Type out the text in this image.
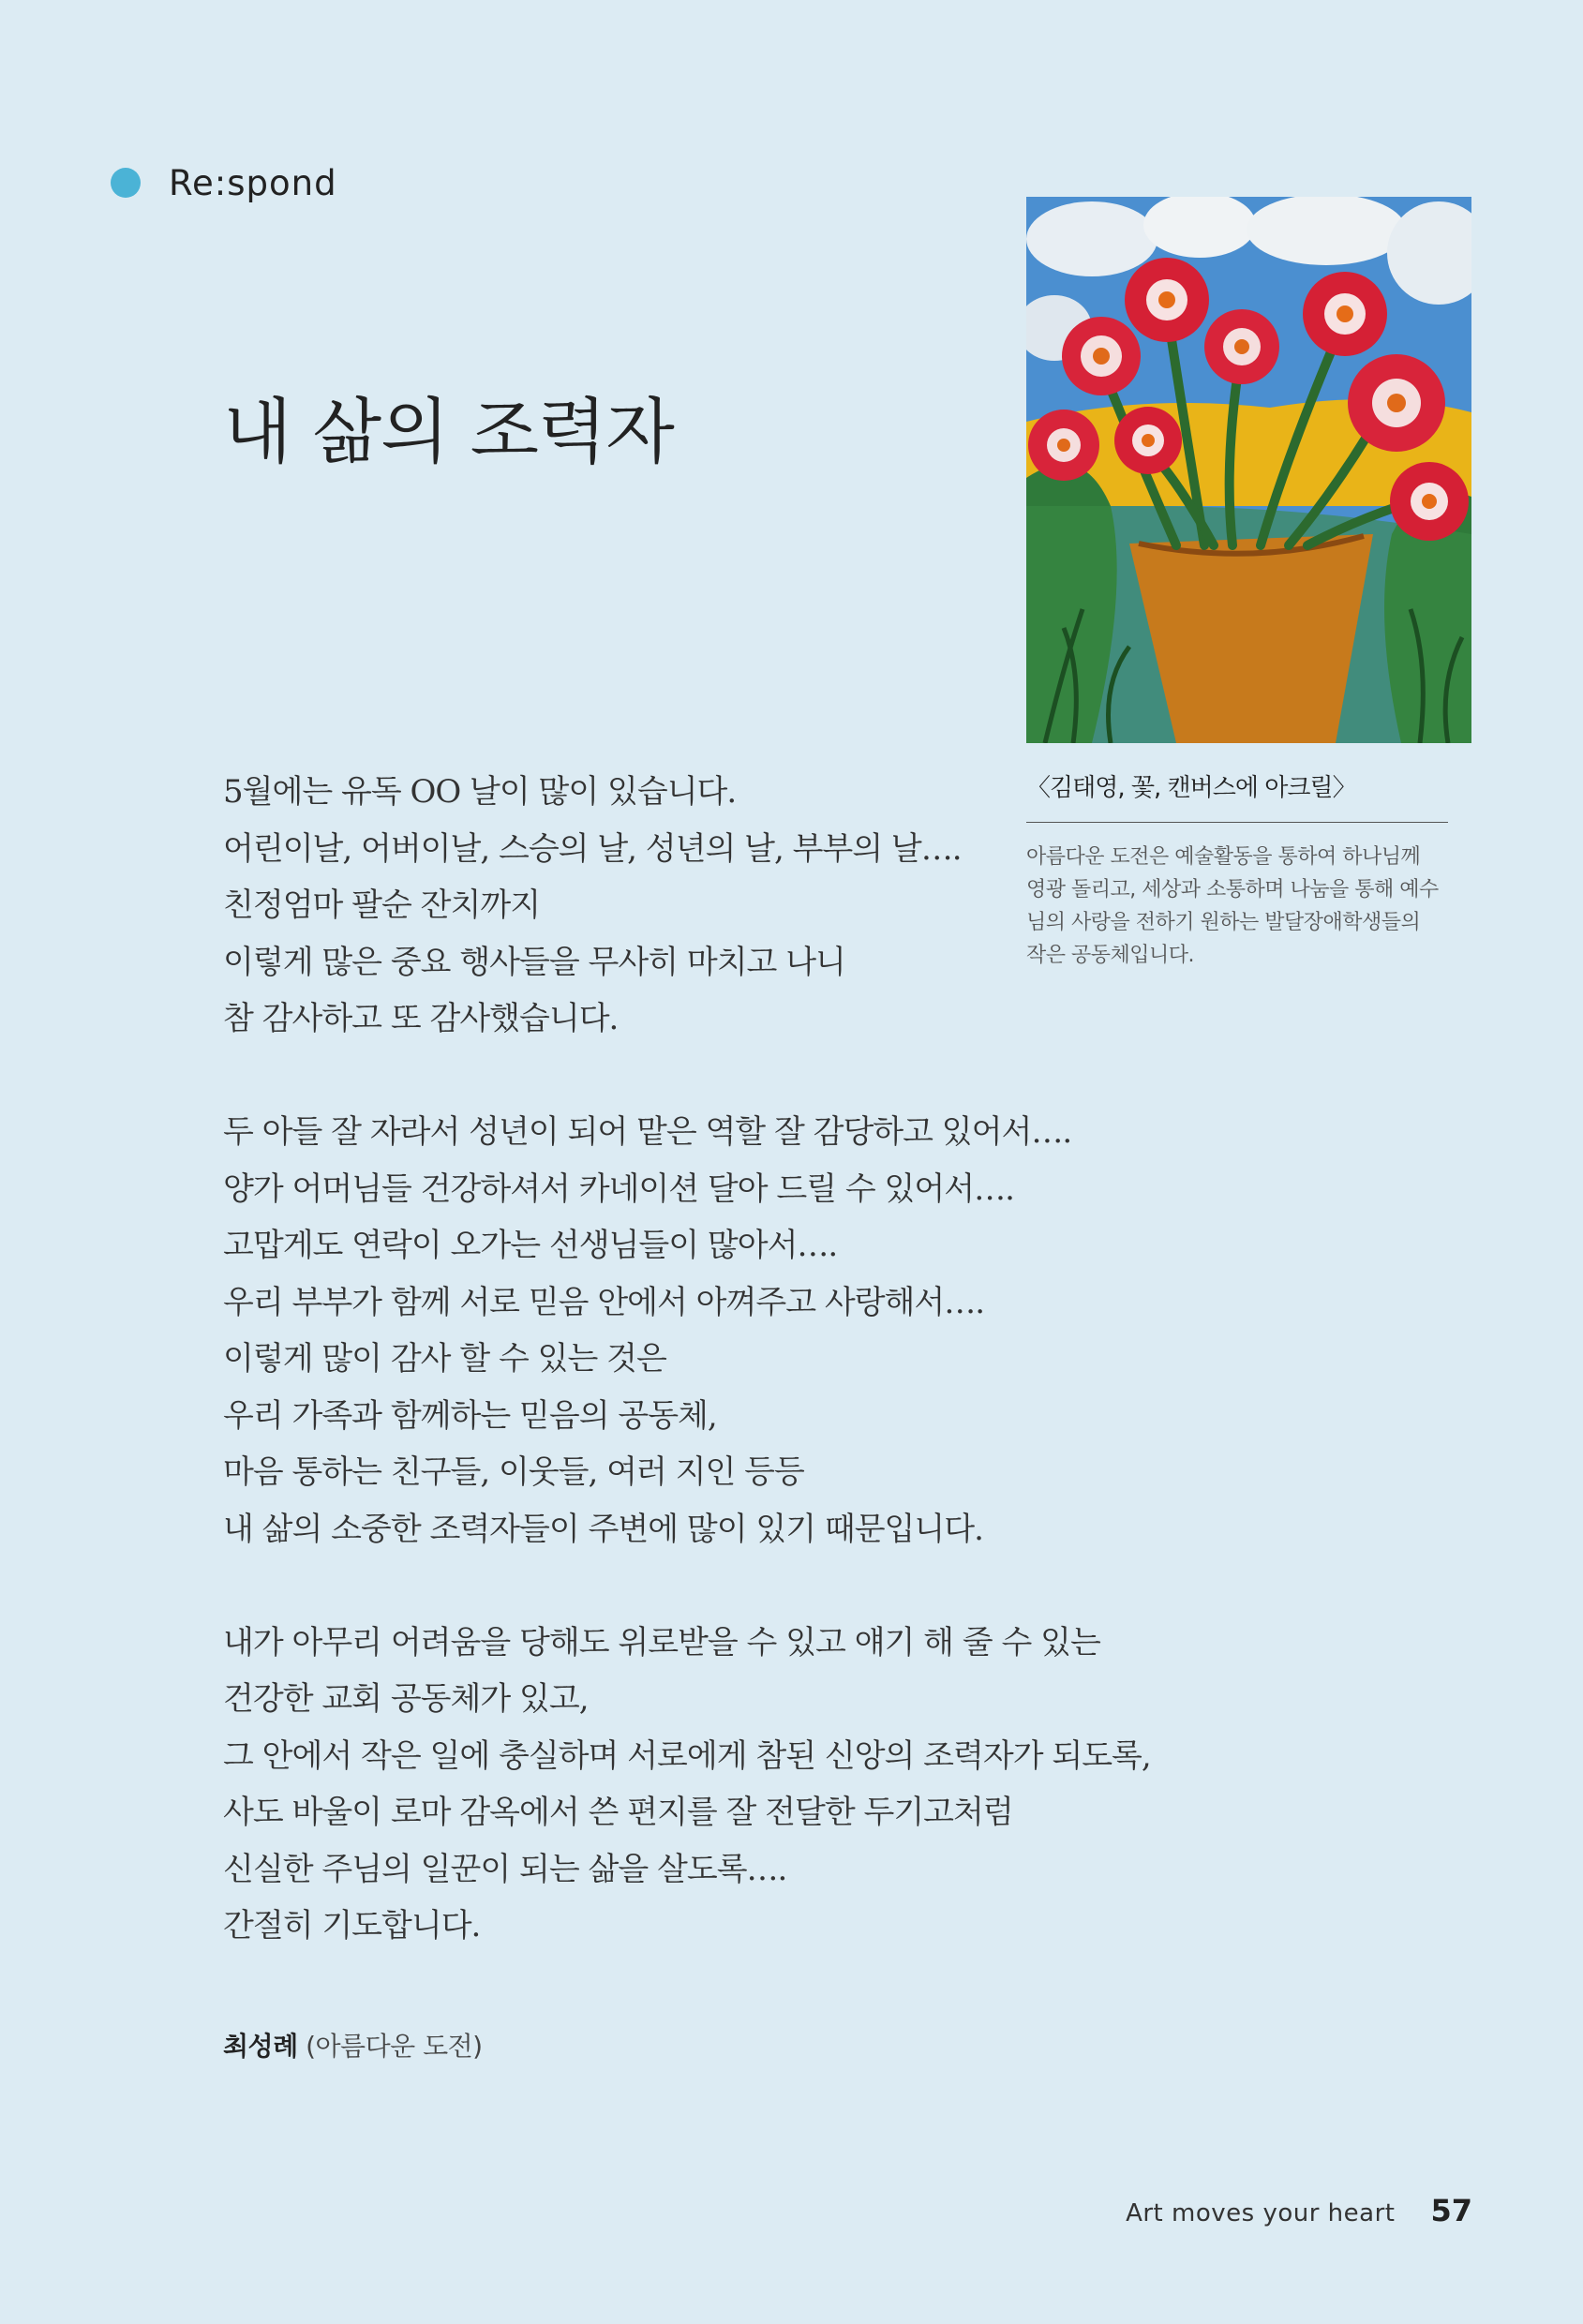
Re:spond
내 삶의 조력자
〈김태영, 꽃, 캔버스에 아크릴〉
아름다운 도전은 예술활동을 통하여 하나님께
영광 돌리고, 세상과 소통하며 나눔을 통해 예수
님의 사랑을 전하기 원하는 발달장애학생들의
작은 공동체입니다.
5월에는 유독 OO 날이 많이 있습니다.
어린이날, 어버이날, 스승의 날, 성년의 날, 부부의 날….
친정엄마 팔순 잔치까지
이렇게 많은 중요 행사들을 무사히 마치고 나니
참 감사하고 또 감사했습니다.
두 아들 잘 자라서 성년이 되어 맡은 역할 잘 감당하고 있어서….
양가 어머님들 건강하셔서 카네이션 달아 드릴 수 있어서….
고맙게도 연락이 오가는 선생님들이 많아서….
우리 부부가 함께 서로 믿음 안에서 아껴주고 사랑해서….
이렇게 많이 감사 할 수 있는 것은
우리 가족과 함께하는 믿음의 공동체,
마음 통하는 친구들, 이웃들, 여러 지인 등등
내 삶의 소중한 조력자들이 주변에 많이 있기 때문입니다.
내가 아무리 어려움을 당해도 위로받을 수 있고 얘기 해 줄 수 있는
건강한 교회 공동체가 있고,
그 안에서 작은 일에 충실하며 서로에게 참된 신앙의 조력자가 되도록,
사도 바울이 로마 감옥에서 쓴 편지를 잘 전달한 두기고처럼
신실한 주님의 일꾼이 되는 삶을 살도록….
간절히 기도합니다.
최성례 (아름다운 도전)
Art moves your heart 57
